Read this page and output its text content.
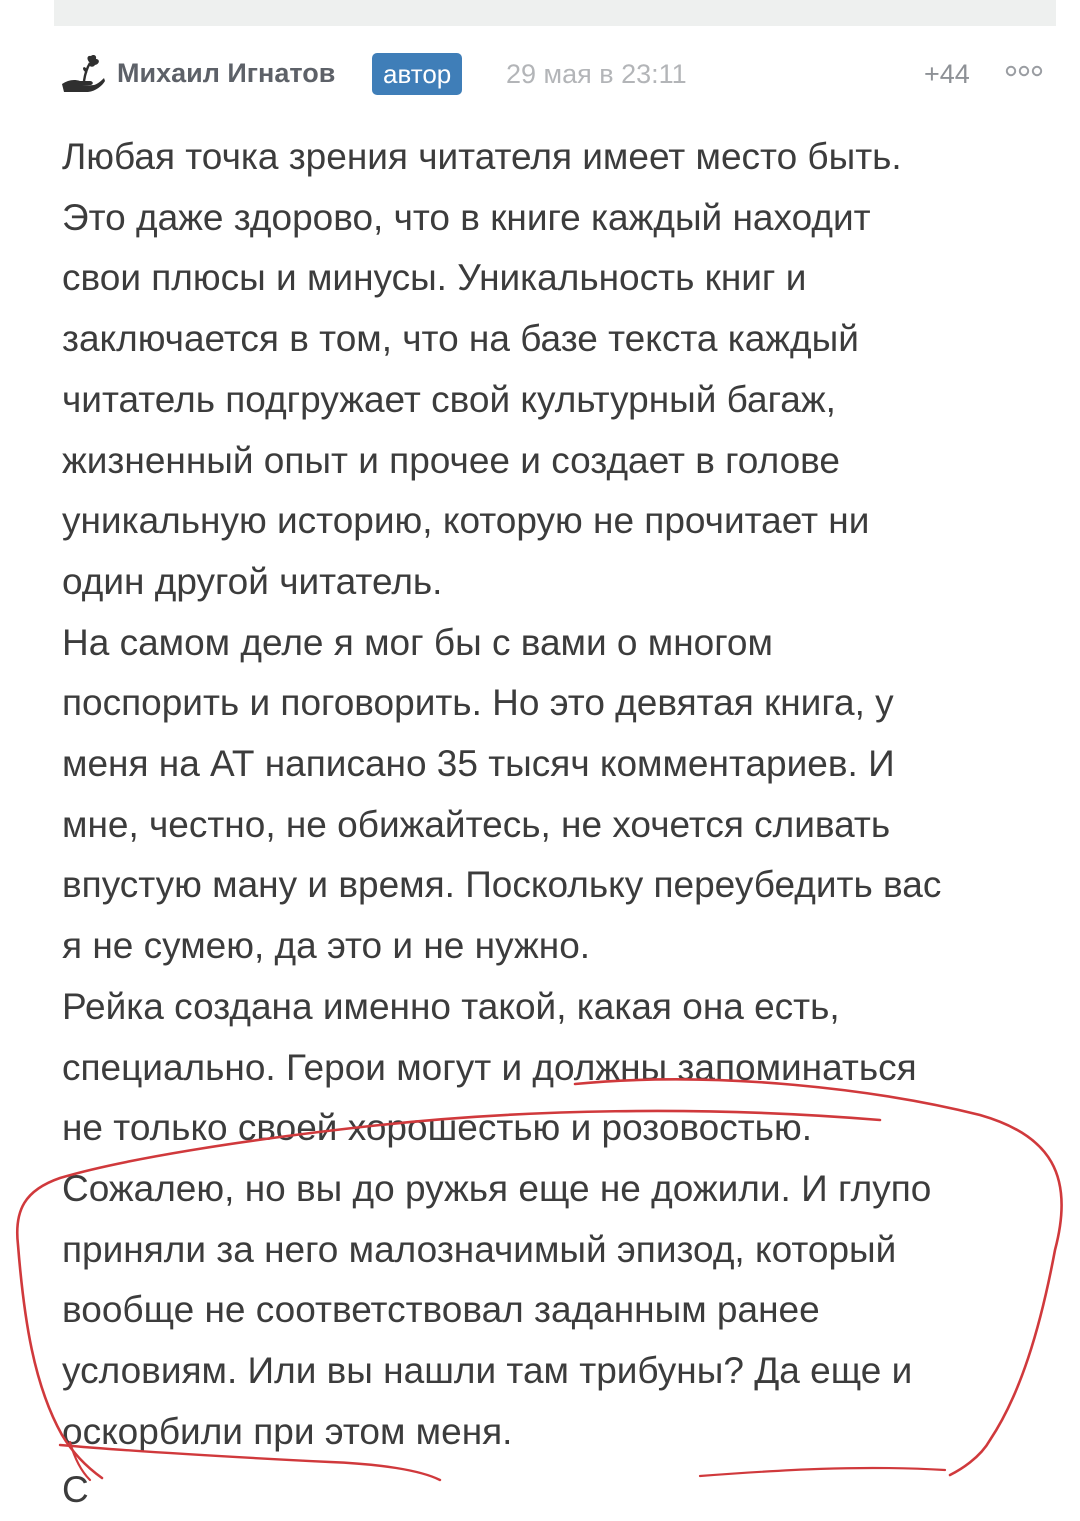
Михаил Игнатов	автор	29 мая в 23:11	+44

Любая точка зрения читателя имеет место быть.

Это даже здорово, что в книге каждый находит

свои плюсы и минусы. Уникальность книг и

заключается в том, что на базе текста каждый

читатель подгружает свой культурный багаж,

жизненный опыт и прочее и создает в голове

уникальную историю, которую не прочитает ни

один другой читатель.

На самом деле я мог бы с вами о многом

поспорить и поговорить. Но это девятая книга, у

меня на АТ написано 35 тысяч комментариев. И

мне, честно, не обижайтесь, не хочется сливать

впустую ману и время. Поскольку переубедить вас

я не сумею, да это и не нужно.

Рейка создана именно такой, какая она есть,

специально. Герои могут и должны запоминаться

не только своей хорошестью и розовостью.

Сожалею, но вы до ружья еще не дожили. И глупо

приняли за него малозначимый эпизод, который

вообще не соответствовал заданным ранее

условиям. Или вы нашли там трибуны? Да еще и

оскорбили при этом меня.

С
